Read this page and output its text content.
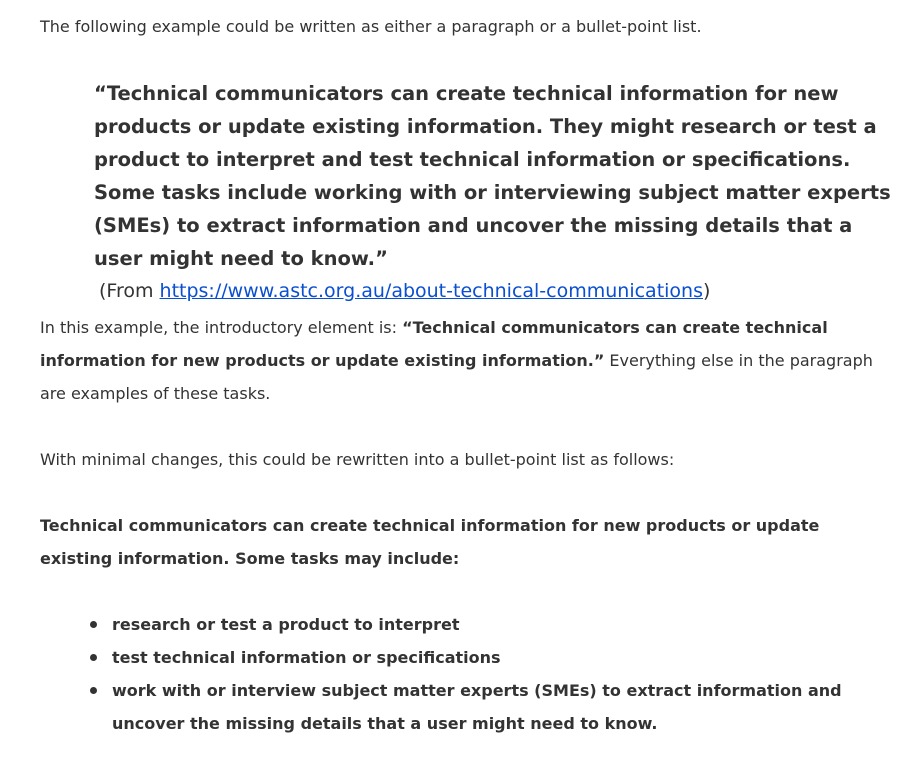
The following example could be written as either a paragraph or a bullet-point list.

“Technical communicators can create technical information for new products or update existing information. They might research or test a product to interpret and test technical information or specifications. Some tasks include working with or interviewing subject matter experts (SMEs) to extract information and uncover the missing details that a user might need to know.”
(From https://www.astc.org.au/about-technical-communications)

In this example, the introductory element is: “Technical communicators can create technical information for new products or update existing information.” Everything else in the paragraph are examples of these tasks.

With minimal changes, this could be rewritten into a bullet-point list as follows:

Technical communicators can create technical information for new products or update existing information. Some tasks may include:

research or test a product to interpret
test technical information or specifications
work with or interview subject matter experts (SMEs) to extract information and uncover the missing details that a user might need to know.
